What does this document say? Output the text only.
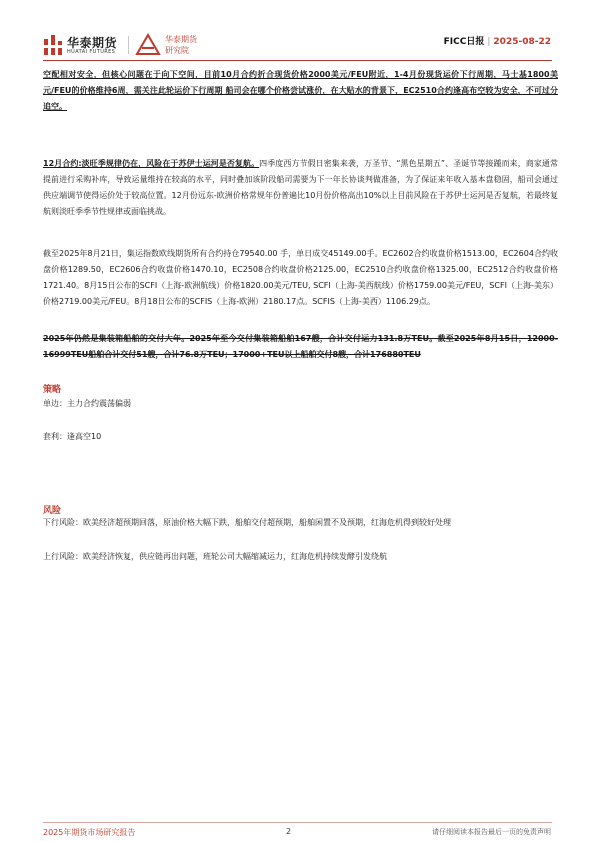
华泰期货
HUATAI FUTURES
华泰期货
研究院
FICC日报 | 2025-08-22

空配相对安全，但核心问题在于向下空间，目前10月合约折合现货价格2000美元/FEU附近，1-4月份现货运价下行周期，马士基1800美元/FEU的价格维持6周，需关注此轮运价下行周期 船司会在哪个价格尝试涨价，在大贴水的背景下，EC2510合约逢高布空较为安全，不可过分追空。

12月合约:淡旺季规律仍在，风险在于苏伊士运河是否复航。四季度西方节假日密集来袭，万圣节、“黑色星期五”、圣诞节等接踵而来，商家通常提前进行采购补库，导致运量维持在较高的水平，同时叠加该阶段船司需要为下一年长协谈判做准备，为了保证来年收入基本盘稳固，船司会通过供应端调节使得运价处于较高位置。12月份远东-欧洲价格常规年份普遍比10月份价格高出10%以上目前风险在于苏伊士运河是否复航，若最终复航则淡旺季季节性规律或面临挑战。

截至2025年8月21日，集运指数欧线期货所有合约持仓79540.00 手，单日成交45149.00手。EC2602合约收盘价格1513.00，EC2604合约收盘价格1289.50，EC2606合约收盘价格1470.10，EC2508合约收盘价格2125.00，EC2510合约收盘价格1325.00，EC2512合约收盘价格1721.40。8月15日公布的SCFI（上海-欧洲航线）价格1820.00美元/TEU, SCFI（上海-美西航线）价格1759.00美元/FEU，SCFI（上海-美东）价格2719.00美元/FEU。8月18日公布的SCFIS（上海-欧洲）2180.17点。SCFIS（上海-美西）1106.29点。

2025年仍然是集装箱船舶的交付大年。2025年至今交付集装箱船舶167艘，合计交付运力131.8万TEU。截至2025年8月15日，12000-16999TEU船舶合计交付51艘，合计76.8万TEU；17000+TEU以上船舶交付8艘，合计176880TEU

策略
单边：主力合约震荡偏弱
套利：逢高空10
风险

下行风险：欧美经济超预期回落，原油价格大幅下跌，船舶交付超预期，船舶闲置不及预期，红海危机得到较好处理

上行风险：欧美经济恢复，供应链再出问题，班轮公司大幅缩减运力，红海危机持续发酵引发绕航

2025年期货市场研究报告	2	请仔细阅读本报告最后一页的免责声明
